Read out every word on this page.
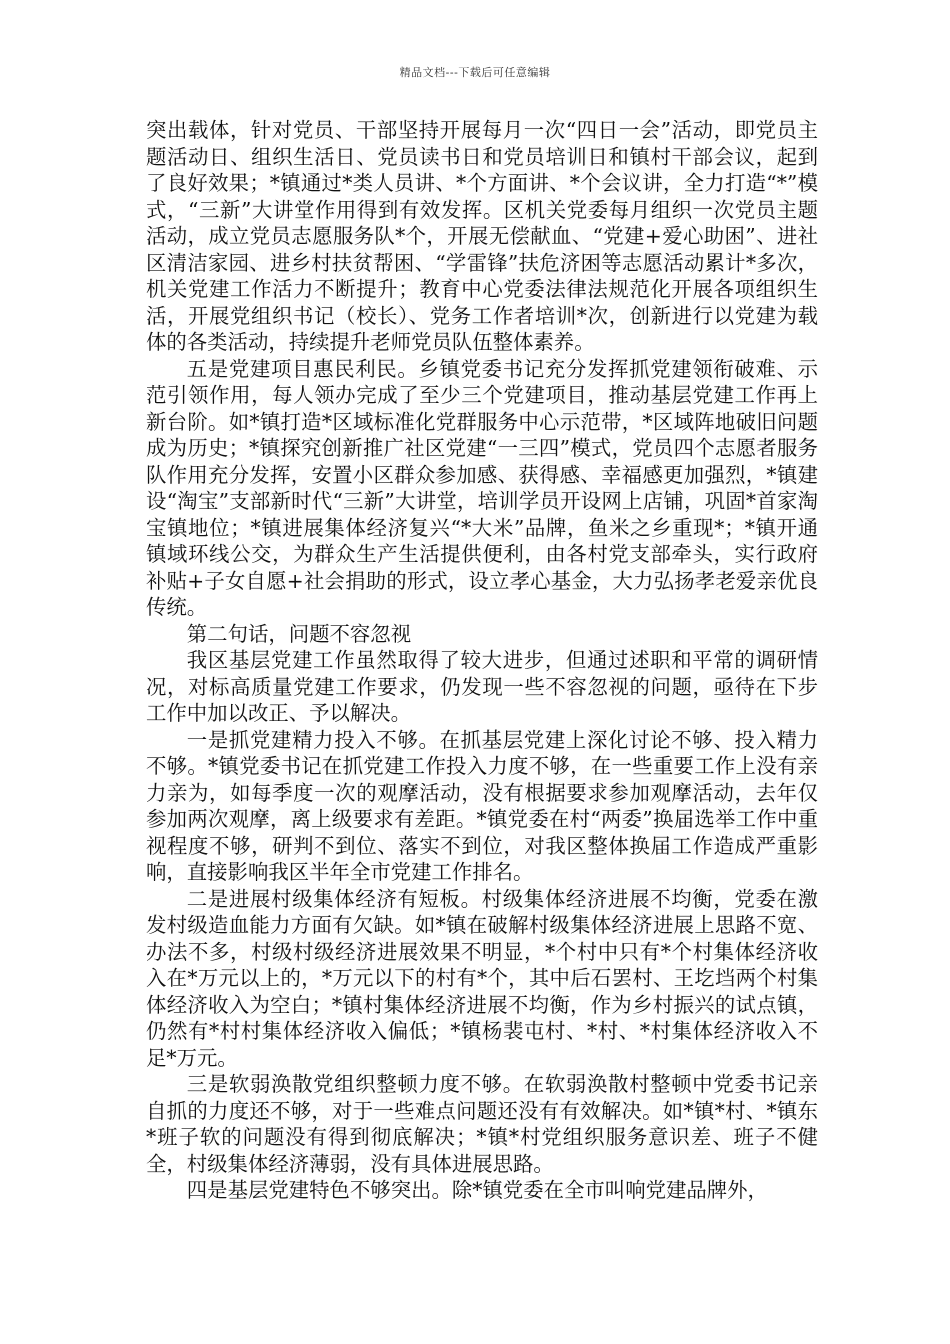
精品文档---下载后可任意编辑

突出载体，针对党员、干部坚持开展每月一次“四日一会”活动，即党员主题活动日、组织生活日、党员读书日和党员培训日和镇村干部会议，起到了良好效果；*镇通过*类人员讲、*个方面讲、*个会议讲，全力打造“*”模式，“三新”大讲堂作用得到有效发挥。区机关党委每月组织一次党员主题活动，成立党员志愿服务队*个，开展无偿献血、“党建+爱心助困”、进社区清洁家园、进乡村扶贫帮困、“学雷锋”扶危济困等志愿活动累计*多次，机关党建工作活力不断提升；教育中心党委法律法规范化开展各项组织生活，开展党组织书记（校长）、党务工作者培训*次，创新进行以党建为载体的各类活动，持续提升老师党员队伍整体素养。

五是党建项目惠民利民。乡镇党委书记充分发挥抓党建领衔破难、示范引领作用，每人领办完成了至少三个党建项目，推动基层党建工作再上新台阶。如*镇打造*区域标准化党群服务中心示范带，*区域阵地破旧问题成为历史；*镇探究创新推广社区党建“一三四”模式，党员四个志愿者服务队作用充分发挥，安置小区群众参加感、获得感、幸福感更加强烈，*镇建设“淘宝”支部新时代“三新”大讲堂，培训学员开设网上店铺，巩固*首家淘宝镇地位；*镇进展集体经济复兴“*大米”品牌，鱼米之乡重现*；*镇开通镇域环线公交，为群众生产生活提供便利，由各村党支部牵头，实行政府补贴+子女自愿+社会捐助的形式，设立孝心基金，大力弘扬孝老爱亲优良传统。

第二句话，问题不容忽视

我区基层党建工作虽然取得了较大进步，但通过述职和平常的调研情况，对标高质量党建工作要求，仍发现一些不容忽视的问题，亟待在下步工作中加以改正、予以解决。

一是抓党建精力投入不够。在抓基层党建上深化讨论不够、投入精力不够。*镇党委书记在抓党建工作投入力度不够，在一些重要工作上没有亲力亲为，如每季度一次的观摩活动，没有根据要求参加观摩活动，去年仅参加两次观摩，离上级要求有差距。*镇党委在村“两委”换届选举工作中重视程度不够，研判不到位、落实不到位，对我区整体换届工作造成严重影响，直接影响我区半年全市党建工作排名。

二是进展村级集体经济有短板。村级集体经济进展不均衡，党委在激发村级造血能力方面有欠缺。如*镇在破解村级集体经济进展上思路不宽、办法不多，村级村级经济进展效果不明显，*个村中只有*个村集体经济收入在*万元以上的，*万元以下的村有*个，其中后石罢村、王圪垱两个村集体经济收入为空白；*镇村集体经济进展不均衡，作为乡村振兴的试点镇，仍然有*村村集体经济收入偏低；*镇杨裴屯村、*村、*村集体经济收入不足*万元。

三是软弱涣散党组织整顿力度不够。在软弱涣散村整顿中党委书记亲自抓的力度还不够，对于一些难点问题还没有有效解决。如*镇*村、*镇东*班子软的问题没有得到彻底解决；*镇*村党组织服务意识差、班子不健全，村级集体经济薄弱，没有具体进展思路。

四是基层党建特色不够突出。除*镇党委在全市叫响党建品牌外，
